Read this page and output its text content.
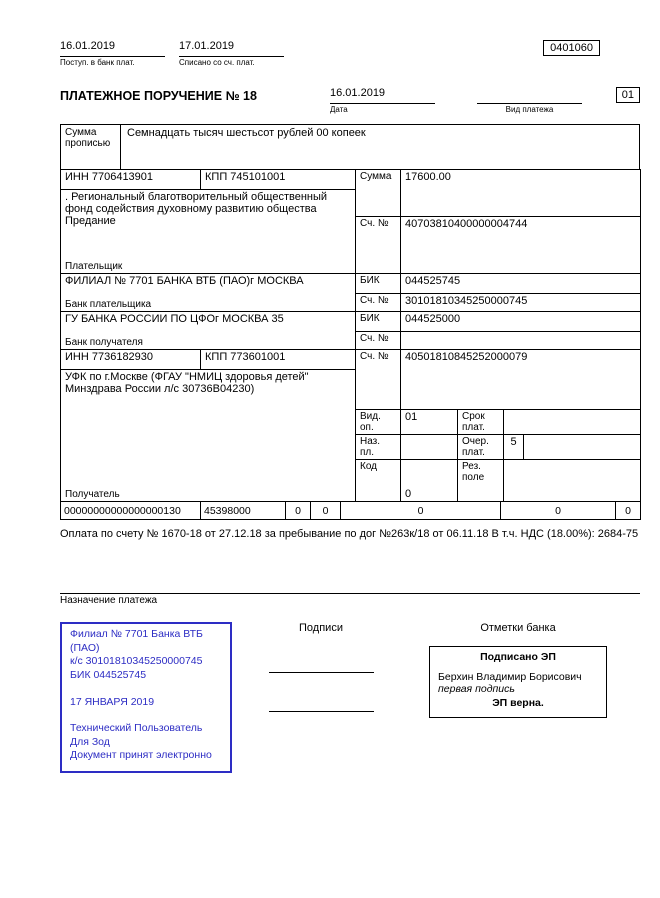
16.01.2019
Поступ. в банк плат.
17.01.2019
Списано со сч. плат.
0401060
ПЛАТЕЖНОЕ ПОРУЧЕНИЕ № 18	16.01.2019
Дата	Вид платежа
01
Сумма прописью
Семнадцать тысяч шестьсот рублей 00 копеек
ИНН 7706413901	КПП 745101001	Сумма	17600.00			
. Региональный благотворительный общественный фонд содействия духовному развитию общества Предание						
		Сч. №	40703810400000004744			
Плательщик						
ФИЛИАЛ № 7701 БАНКА ВТБ (ПАО)г МОСКВА		БИК	044525745			
Банк плательщика		Сч. №	30101810345250000745			
ГУ БАНКА РОССИИ ПО ЦФОг МОСКВА 35		БИК	044525000			
Банк получателя		Сч. №				
ИНН 7736182930	КПП 773601001	Сч. №	40501810845252000079			
УФК по г.Москве (ФГАУ "НМИЦ здоровья детей" Минздрава России л/с 30736В04230)						
		Вид. оп.	01	Срок плат.		
		Наз. пл.		Очер. плат.	5	
		Код	0	Рез. поле		
Получатель						
00000000000000000130	45398000	0	0	0	0	0
Оплата по счету № 1670-18 от 27.12.18 за пребывание по дог №263к/18 от 06.11.18 В т.ч. НДС (18.00%): 2684-75
Назначение платежа
Филиал № 7701 Банка ВТБ (ПАО)
к/с 30101810345250000745
БИК 044525745
17 ЯНВАРЯ 2019
Технический Пользователь Для Зод
Документ принят электронно
Подписи	Отметки банка
Подписано ЭП
Берхин Владимир Борисович
первая подпись
ЭП верна.
